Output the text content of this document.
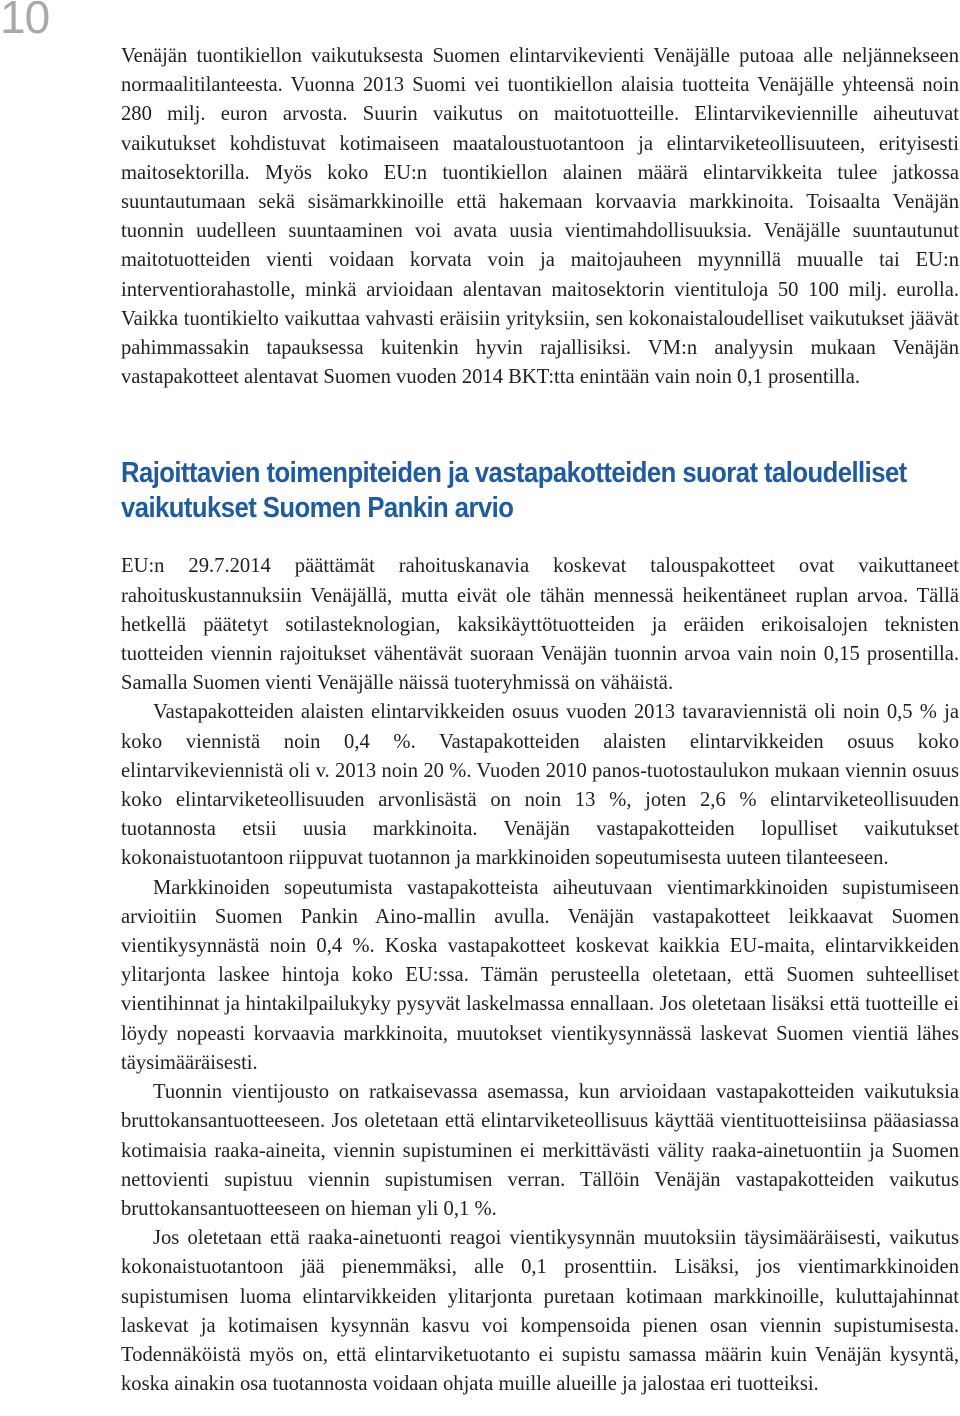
10

Venäjän tuontikiellon vaikutuksesta Suomen elintarvikevienti Venäjälle putoaa alle neljännekseen normaalitilanteesta. Vuonna 2013 Suomi vei tuontikiellon alaisia tuotteita Venäjälle yhteensä noin 280 milj. euron arvosta. Suurin vaikutus on maitotuotteille. Elintarvikeviennille aiheutuvat vaikutukset kohdistuvat kotimaiseen maataloustuotantoon ja elintarviketeollisuuteen, erityisesti maitosektorilla. Myös koko EU:n tuontikiellon alainen määrä elintarvikkeita tulee jatkossa suuntautumaan sekä sisämarkkinoille että hakemaan korvaavia markkinoita. Toisaalta Venäjän tuonnin uudelleen suuntaaminen voi avata uusia vientimahdollisuuksia. Venäjälle suuntautunut maitotuotteiden vienti voidaan korvata voin ja maitojauheen myynnillä muualle tai EU:n interventiorahastolle, minkä arvioidaan alentavan maitosektorin vientituloja 50 100 milj. eurolla. Vaikka tuontikielto vaikuttaa vahvasti eräisiin yrityksiin, sen kokonaistaloudelliset vaikutukset jäävät pahimmassakin tapauksessa kuitenkin hyvin rajallisiksi. VM:n analyysin mukaan Venäjän vastapakotteet alentavat Suomen vuoden 2014 BKT:tta enintään vain noin 0,1 prosentilla.

Rajoittavien toimenpiteiden ja vastapakotteiden suorat taloudelliset vaikutukset Suomen Pankin arvio

EU:n 29.7.2014 päättämät rahoituskanavia koskevat talouspakotteet ovat vaikuttaneet rahoituskustannuksiin Venäjällä, mutta eivät ole tähän mennessä heikentäneet ruplan arvoa. Tällä hetkellä päätetyt sotilasteknologian, kaksikäyttötuotteiden ja eräiden erikoisalojen teknisten tuotteiden viennin rajoitukset vähentävät suoraan Venäjän tuonnin arvoa vain noin 0,15 prosentilla. Samalla Suomen vienti Venäjälle näissä tuoteryhmissä on vähäistä.

Vastapakotteiden alaisten elintarvikkeiden osuus vuoden 2013 tavaraviennistä oli noin 0,5 % ja koko viennistä noin 0,4 %. Vastapakotteiden alaisten elintarvikkeiden osuus koko elintarvikeviennistä oli v. 2013 noin 20 %. Vuoden 2010 panos-tuotostaulukon mukaan viennin osuus koko elintarviketeollisuuden arvonlisästä on noin 13 %, joten 2,6 % elintarviketeollisuuden tuotannosta etsii uusia markkinoita. Venäjän vastapakotteiden lopulliset vaikutukset kokonaistuotantoon riippuvat tuotannon ja markkinoiden sopeutumisesta uuteen tilanteeseen.

Markkinoiden sopeutumista vastapakotteista aiheutuvaan vientimarkkinoiden supistumiseen arvioitiin Suomen Pankin Aino-mallin avulla. Venäjän vastapakotteet leikkaavat Suomen vientikysynnästä noin 0,4 %. Koska vastapakotteet koskevat kaikkia EU-maita, elintarvikkeiden ylitarjonta laskee hintoja koko EU:ssa. Tämän perusteella oletetaan, että Suomen suhteelliset vientihinnat ja hintakilpailukyky pysyvät laskelmassa ennallaan. Jos oletetaan lisäksi että tuotteille ei löydy nopeasti korvaavia markkinoita, muutokset vientikysynnässä laskevat Suomen vientiä lähes täysimääräisesti.

Tuonnin vientijousto on ratkaisevassa asemassa, kun arvioidaan vastapakotteiden vaikutuksia bruttokansantuotteeseen. Jos oletetaan että elintarviketeollisuus käyttää vientituotteisiinsa pääasiassa kotimaisia raaka-aineita, viennin supistuminen ei merkittävästi välity raaka-ainetuontiin ja Suomen nettovienti supistuu viennin supistumisen verran. Tällöin Venäjän vastapakotteiden vaikutus bruttokansantuotteeseen on hieman yli 0,1 %.

Jos oletetaan että raaka-ainetuonti reagoi vientikysynnän muutoksiin täysimääräisesti, vaikutus kokonaistuotantoon jää pienemmäksi, alle 0,1 prosenttiin. Lisäksi, jos vientimarkkinoiden supistumisen luoma elintarvikkeiden ylitarjonta puretaan kotimaan markkinoille, kuluttajahinnat laskevat ja kotimaisen kysynnän kasvu voi kompensoida pienen osan viennin supistumisesta. Todennäköistä myös on, että elintarviketuotanto ei supistu samassa määrin kuin Venäjän kysyntä, koska ainakin osa tuotannosta voidaan ohjata muille alueille ja jalostaa eri tuotteiksi.
